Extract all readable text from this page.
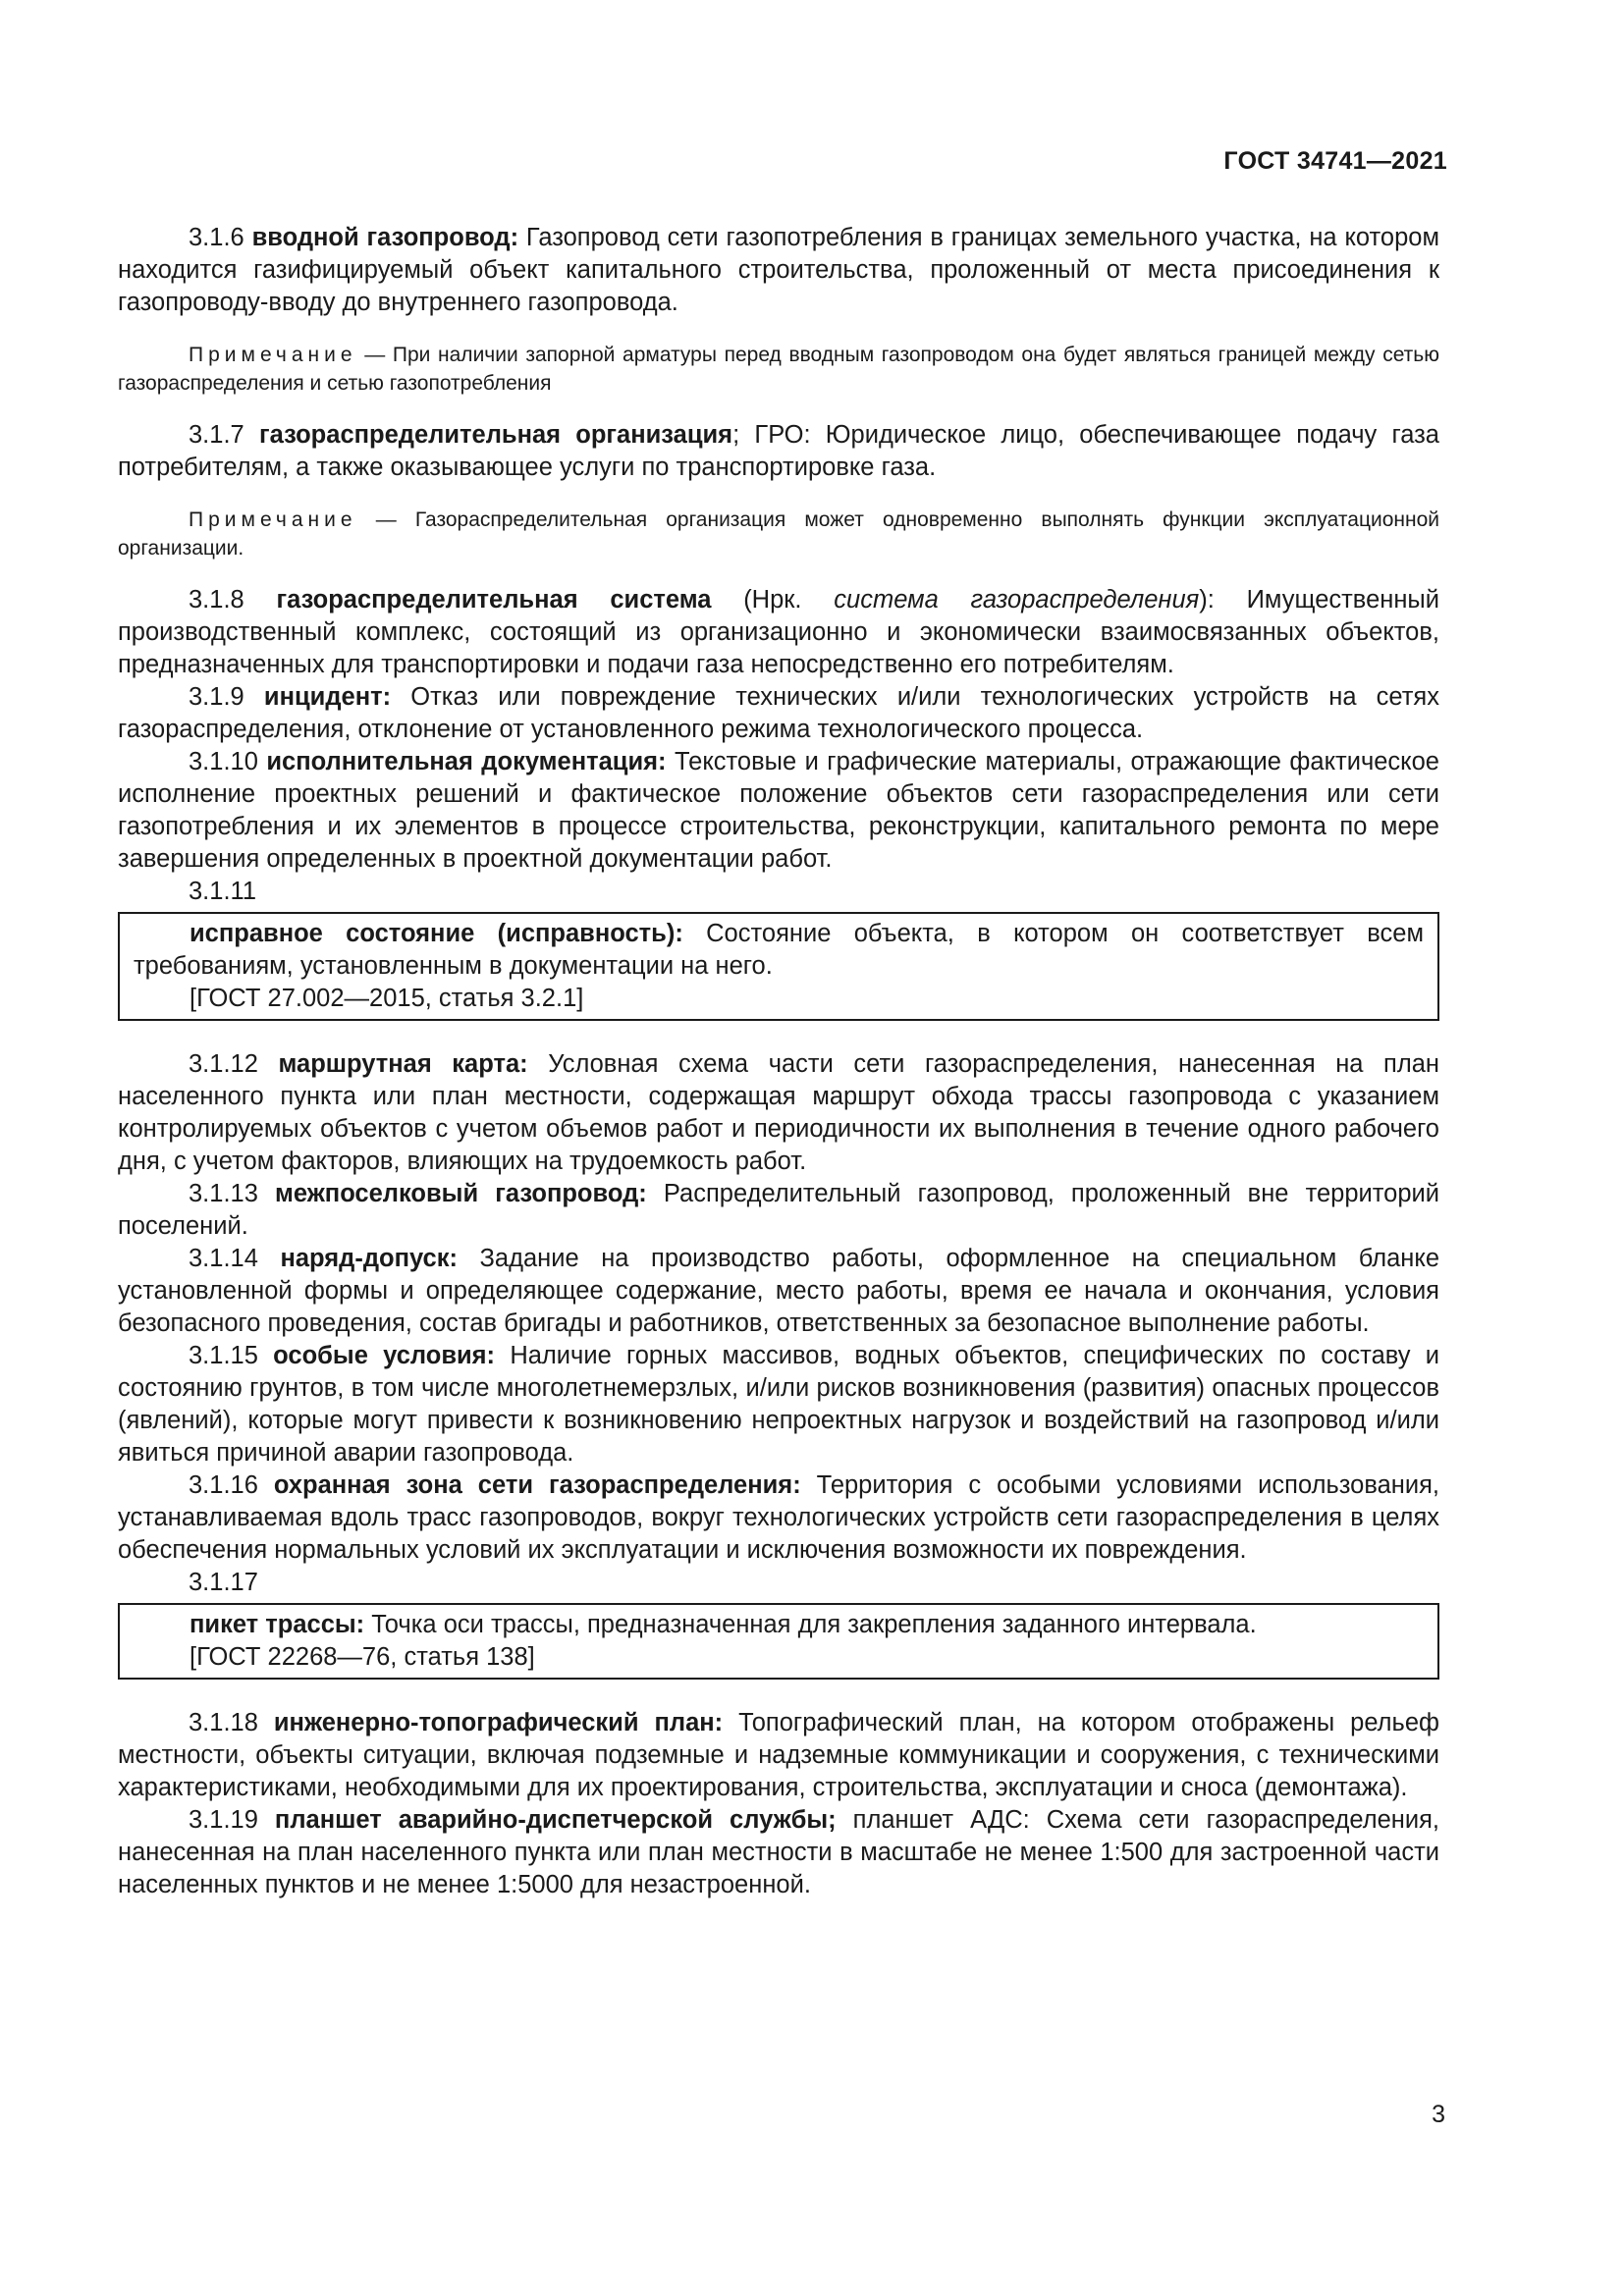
ГОСТ 34741—2021

3.1.6 вводной газопровод: Газопровод сети газопотребления в границах земельного участка, на котором находится газифицируемый объект капитального строительства, проложенный от места присоединения к газопроводу-вводу до внутреннего газопровода.

Примечание — При наличии запорной арматуры перед вводным газопроводом она будет являться границей между сетью газораспределения и сетью газопотребления

3.1.7 газораспределительная организация; ГРО: Юридическое лицо, обеспечивающее подачу газа потребителям, а также оказывающее услуги по транспортировке газа.

Примечание — Газораспределительная организация может одновременно выполнять функции эксплуатационной организации.

3.1.8 газораспределительная система (Нрк. система газораспределения): Имущественный производственный комплекс, состоящий из организационно и экономически взаимосвязанных объектов, предназначенных для транспортировки и подачи газа непосредственно его потребителям.

3.1.9 инцидент: Отказ или повреждение технических и/или технологических устройств на сетях газораспределения, отклонение от установленного режима технологического процесса.

3.1.10 исполнительная документация: Текстовые и графические материалы, отражающие фактическое исполнение проектных решений и фактическое положение объектов сети газораспределения или сети газопотребления и их элементов в процессе строительства, реконструкции, капитального ремонта по мере завершения определенных в проектной документации работ.

3.1.11

исправное состояние (исправность): Состояние объекта, в котором он соответствует всем требованиям, установленным в документации на него.

[ГОСТ 27.002—2015, статья 3.2.1]

3.1.12 маршрутная карта: Условная схема части сети газораспределения, нанесенная на план населенного пункта или план местности, содержащая маршрут обхода трассы газопровода с указанием контролируемых объектов с учетом объемов работ и периодичности их выполнения в течение одного рабочего дня, с учетом факторов, влияющих на трудоемкость работ.

3.1.13 межпоселковый газопровод: Распределительный газопровод, проложенный вне территорий поселений.

3.1.14 наряд-допуск: Задание на производство работы, оформленное на специальном бланке установленной формы и определяющее содержание, место работы, время ее начала и окончания, условия безопасного проведения, состав бригады и работников, ответственных за безопасное выполнение работы.

3.1.15 особые условия: Наличие горных массивов, водных объектов, специфических по составу и состоянию грунтов, в том числе многолетнемерзлых, и/или рисков возникновения (развития) опасных процессов (явлений), которые могут привести к возникновению непроектных нагрузок и воздействий на газопровод и/или явиться причиной аварии газопровода.

3.1.16 охранная зона сети газораспределения: Территория с особыми условиями использования, устанавливаемая вдоль трасс газопроводов, вокруг технологических устройств сети газораспределения в целях обеспечения нормальных условий их эксплуатации и исключения возможности их повреждения.

3.1.17

пикет трассы: Точка оси трассы, предназначенная для закрепления заданного интервала.

[ГОСТ 22268—76, статья 138]

3.1.18 инженерно-топографический план: Топографический план, на котором отображены рельеф местности, объекты ситуации, включая подземные и надземные коммуникации и сооружения, с техническими характеристиками, необходимыми для их проектирования, строительства, эксплуатации и сноса (демонтажа).

3.1.19 планшет аварийно-диспетчерской службы; планшет АДС: Схема сети газораспределения, нанесенная на план населенного пункта или план местности в масштабе не менее 1:500 для застроенной части населенных пунктов и не менее 1:5000 для незастроенной.

3
